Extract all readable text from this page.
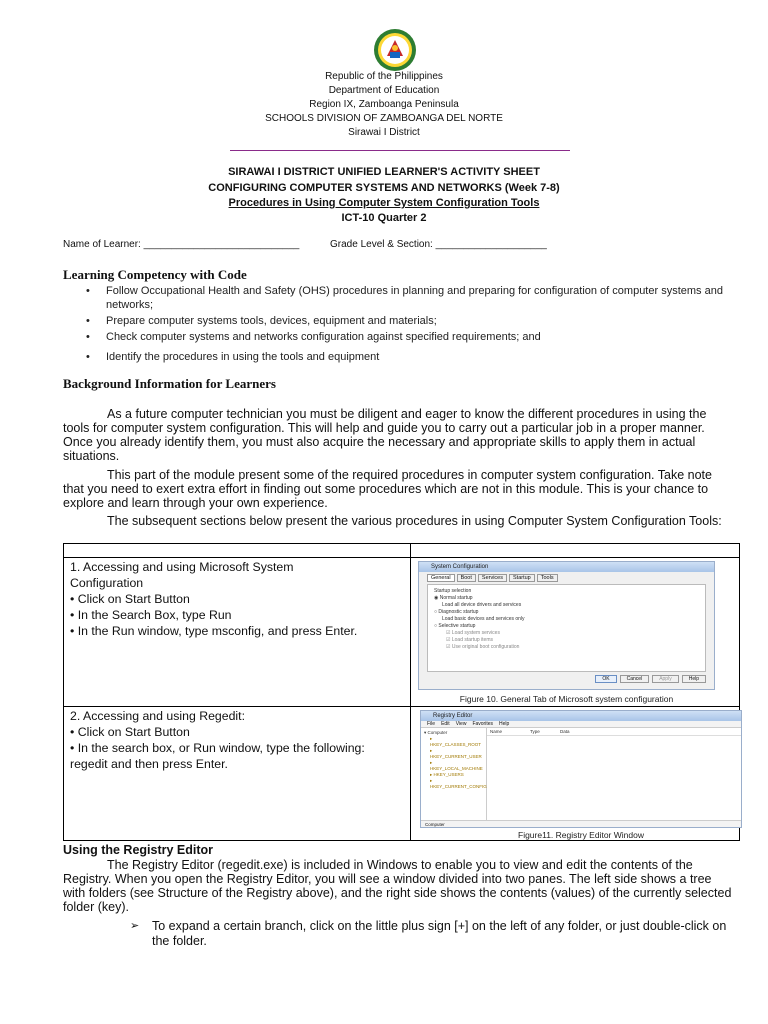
Republic of the Philippines
Department of Education
Region IX, Zamboanga Peninsula
SCHOOLS DIVISION OF ZAMBOANGA DEL NORTE
Sirawai I District
SIRAWAI I DISTRICT UNIFIED LEARNER'S ACTIVITY SHEET
CONFIGURING COMPUTER SYSTEMS AND NETWORKS (Week 7-8)
Procedures in Using Computer System Configuration Tools
ICT-10 Quarter 2
Name of Learner: ____________________________	Grade Level & Section: ____________________
Learning Competency with Code
• Follow Occupational Health and Safety (OHS) procedures in planning and preparing for configuration of computer systems and networks;
• Prepare computer systems tools, devices, equipment and materials;
• Check computer systems and networks configuration against specified requirements; and
• Identify the procedures in using the tools and equipment
Background Information for Learners
As a future computer technician you must be diligent and eager to know the different procedures in using the tools for computer system configuration. This will help and guide you to carry out a particular job in a proper manner. Once you already identify them, you must also acquire the necessary and appropriate skills to apply them in actual situations.
This part of the module present some of the required procedures in computer system configuration. Take note that you need to exert extra effort in finding out some procedures which are not in this module. This is your chance to explore and learn through your own experience.
The subsequent sections below present the various procedures in using Computer System Configuration Tools:
1. Accessing and using Microsoft System
Configuration
• Click on Start Button
• In the Search Box, type Run
• In the Run window, type msconfig, and press Enter.
System Configuration
General	Boot	Services	Startup	Tools
Startup selection
◉ Normal startup
Load all device drivers and services
○ Diagnostic startup
Load basic devices and services only
○ Selective startup
☑ Load system services
☑ Load startup items
☑ Use original boot configuration
OK	Cancel	Apply	Help
Figure 10. General Tab of Microsoft system configuration
2. Accessing and using Regedit:
• Click on Start Button
• In the search box, or Run window, type the following:
regedit and then press Enter.
Registry Editor
File Edit View Favorites Help
▾ Computer
▸ HKEY_CLASSES_ROOT
▸ HKEY_CURRENT_USER
▸ HKEY_LOCAL_MACHINE
▸ HKEY_USERS
▸ HKEY_CURRENT_CONFIG
Name	Type	Data
Computer
Figure11. Registry Editor Window
Using the Registry Editor
The Registry Editor (regedit.exe) is included in Windows to enable you to view and edit the contents of the Registry. When you open the Registry Editor, you will see a window divided into two panes. The left side shows a tree with folders (see Structure of the Registry above), and the right side shows the contents (values) of the currently selected folder (key).
➢	To expand a certain branch, click on the little plus sign [+] on the left of any folder, or just double-click on the folder.
